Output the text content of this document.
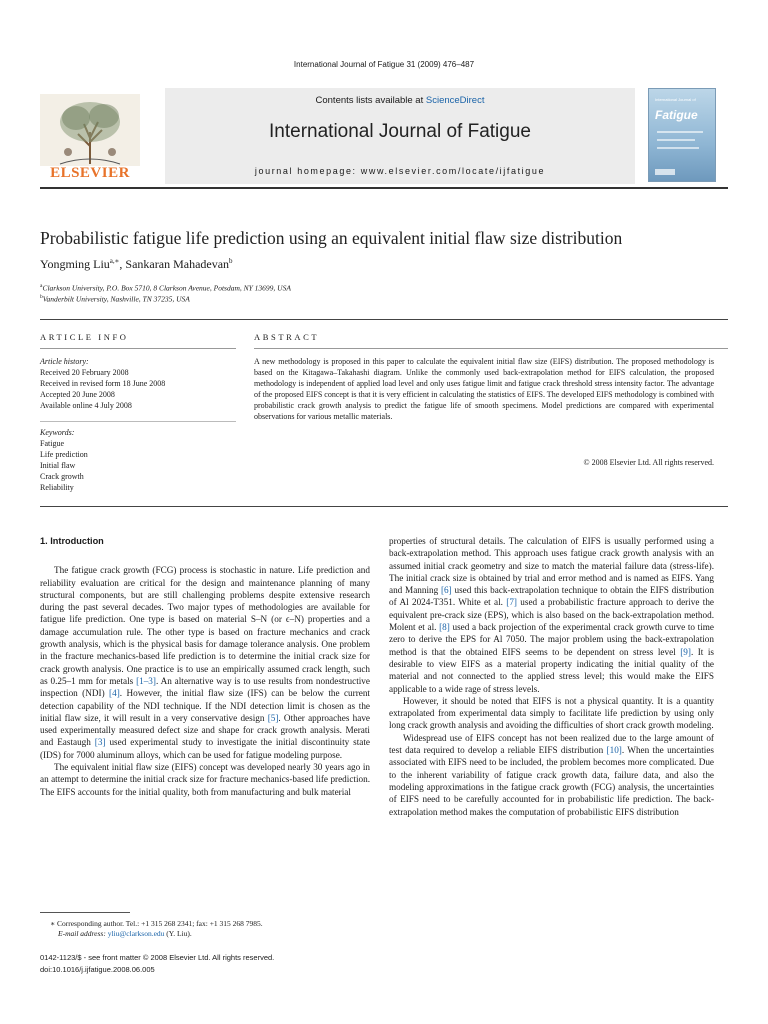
International Journal of Fatigue 31 (2009) 476–487
ELSEVIER
Contents lists available at ScienceDirect
International Journal of Fatigue
journal homepage: www.elsevier.com/locate/ijfatigue
International Journal of
Fatigue
Probabilistic fatigue life prediction using an equivalent initial flaw size distribution
Yongming Liu$^{a,∗}$, Sankaran Mahadevan$^b$
$^a$Clarkson University, P.O. Box 5710, 8 Clarkson Avenue, Potsdam, NY 13699, USA
$^b$Vanderbilt University, Nashville, TN 37235, USA
ARTICLE INFO	ABSTRACT
Article history:
Received 20 February 2008
Received in revised form 18 June 2008
Accepted 20 June 2008
Available online 4 July 2008
Keywords:
Fatigue
Life prediction
Initial flaw
Crack growth
Reliability
A new methodology is proposed in this paper to calculate the equivalent initial flaw size (EIFS) distribution. The proposed methodology is based on the Kitagawa–Takahashi diagram. Unlike the commonly used back-extrapolation method for EIFS calculation, the proposed methodology is independent of applied load level and only uses fatigue limit and fatigue crack threshold stress intensity factor. The advantage of the proposed EIFS concept is that it is very efficient in calculating the statistics of EIFS. The developed EIFS methodology is combined with probabilistic crack growth analysis to predict the fatigue life of smooth specimens. Model predictions are compared with experimental observations for various metallic materials.
© 2008 Elsevier Ltd. All rights reserved.
1. Introduction

The fatigue crack growth (FCG) process is stochastic in nature. Life prediction and reliability evaluation are critical for the design and maintenance planning of many structural components, but are still challenging problems despite extensive research during the past several decades. Two major types of methodologies are available for fatigue life prediction. One type is based on material S–N (or ϵ–N) properties and a damage accumulation rule. The other type is based on fracture mechanics and crack growth analysis, which is the physical basis for damage tolerance analysis. One problem in the fracture mechanics-based life prediction is to determine the initial crack size for crack growth analysis. One practice is to use an empirically assumed crack length, such as 0.25–1 mm for metals [1–3]. An alternative way is to use results from nondestructive inspection (NDI) [4]. However, the initial flaw size (IFS) can be below the current detection capability of the NDI technique. If the NDI detection limit is chosen as the initial flaw size, it will result in a very conservative design [5]. Other approaches have used experimentally measured defect size and shape for crack growth analysis. Merati and Eastaugh [3] used experimental study to investigate the initial discontinuity state (IDS) for 7000 aluminum alloys, which can be used for fatigue modeling purpose.

The equivalent initial flaw size (EIFS) concept was developed nearly 30 years ago in an attempt to determine the initial crack size for fracture mechanics-based life prediction. The EIFS accounts for the initial quality, both from manufacturing and bulk material

properties of structural details. The calculation of EIFS is usually performed using a back-extrapolation method. This approach uses fatigue crack growth analysis with an assumed initial crack geometry and size to match the material failure data (stress-life). The initial crack size is obtained by trial and error method and is named as EIFS. Yang and Manning [6] used this back-extrapolation technique to obtain the EIFS distribution of Al 2024-T351. White et al. [7] used a probabilistic fracture approach to derive the equivalent pre-crack size (EPS), which is also based on the back-extrapolation method. Molent et al. [8] used a back projection of the experimental crack growth curve to time zero to derive the EPS for Al 7050. The major problem using the back-extrapolation method is that the obtained EIFS seems to be dependent on stress level [9]. It is desirable to view EIFS as a material property indicating the initial quality of the material and not connected to the applied stress level; this would make the EIFS applicable to a wide rage of stress levels.

However, it should be noted that EIFS is not a physical quantity. It is a quantity extrapolated from experimental data simply to facilitate life prediction by using only long crack growth analysis and avoiding the difficulties of short crack growth modeling.

Widespread use of EIFS concept has not been realized due to the large amount of test data required to develop a reliable EIFS distribution [10]. When the uncertainties associated with EIFS need to be included, the problem becomes more complicated. Due to the inherent variability of fatigue crack growth data, failure data, and also the modeling approximations in the fatigue crack growth (FCG) analysis, the uncertainties of EIFS need to be carefully accounted for in probabilistic life prediction. The back-extrapolation method makes the computation of probabilistic EIFS distribution

∗ Corresponding author. Tel.: +1 315 268 2341; fax: +1 315 268 7985.
E-mail address: yliu@clarkson.edu (Y. Liu).
0142-1123/$ - see front matter © 2008 Elsevier Ltd. All rights reserved.
doi:10.1016/j.ijfatigue.2008.06.005
